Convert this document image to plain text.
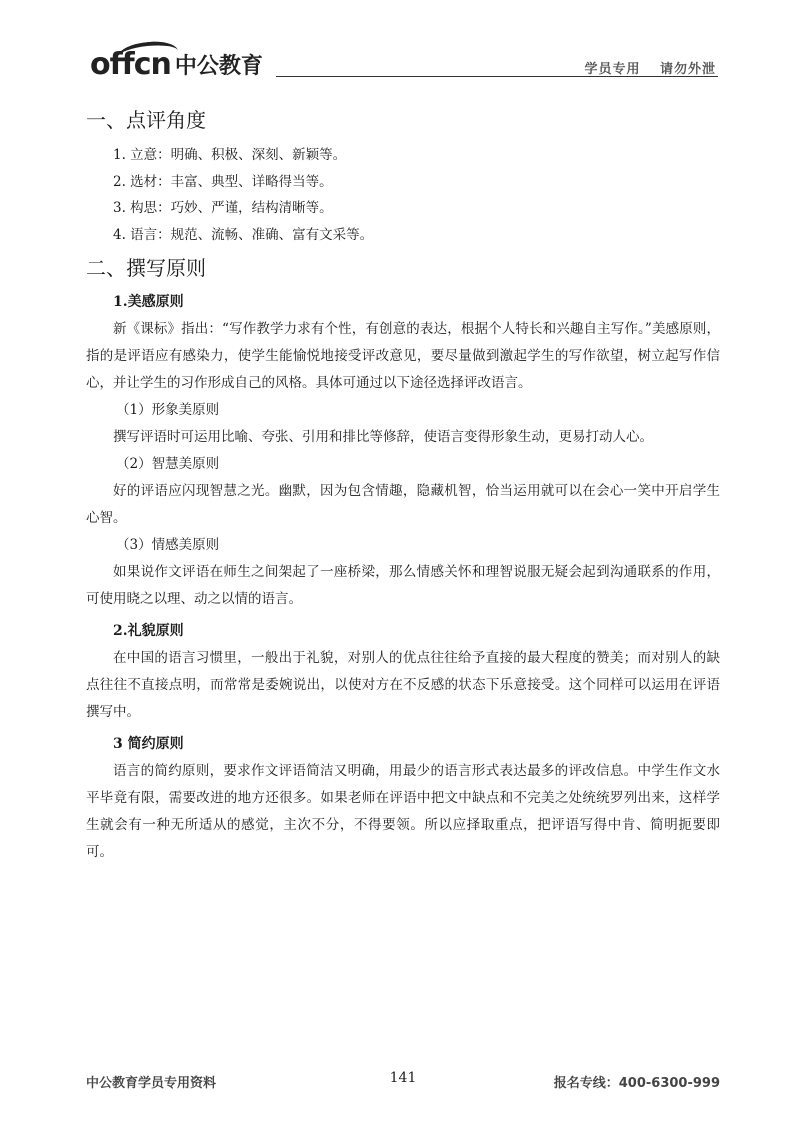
offcn 中公教育	学员专用 请勿外泄
一、点评角度
1. 立意：明确、积极、深刻、新颖等。
2. 选材：丰富、典型、详略得当等。
3. 构思：巧妙、严谨，结构清晰等。
4. 语言：规范、流畅、准确、富有文采等。
二、撰写原则
1.美感原则

新《课标》指出：“写作教学力求有个性，有创意的表达，根据个人特长和兴趣自主写作。”美感原则，指的是评语应有感染力，使学生能愉悦地接受评改意见，要尽量做到激起学生的写作欲望，树立起写作信心，并让学生的习作形成自己的风格。具体可通过以下途径选择评改语言。

（1）形象美原则

撰写评语时可运用比喻、夸张、引用和排比等修辞，使语言变得形象生动，更易打动人心。

（2）智慧美原则

好的评语应闪现智慧之光。幽默，因为包含情趣，隐藏机智，恰当运用就可以在会心一笑中开启学生心智。

（3）情感美原则

如果说作文评语在师生之间架起了一座桥梁，那么情感关怀和理智说服无疑会起到沟通联系的作用，可使用晓之以理、动之以情的语言。

2.礼貌原则

在中国的语言习惯里，一般出于礼貌，对别人的优点往往给予直接的最大程度的赞美；而对别人的缺点往往不直接点明，而常常是委婉说出，以使对方在不反感的状态下乐意接受。这个同样可以运用在评语撰写中。

3 简约原则

语言的简约原则，要求作文评语简洁又明确，用最少的语言形式表达最多的评改信息。中学生作文水平毕竟有限，需要改进的地方还很多。如果老师在评语中把文中缺点和不完美之处统统罗列出来，这样学生就会有一种无所适从的感觉，主次不分，不得要领。所以应择取重点，把评语写得中肯、简明扼要即可。

中公教育学员专用资料	141	报名专线：400-6300-999
